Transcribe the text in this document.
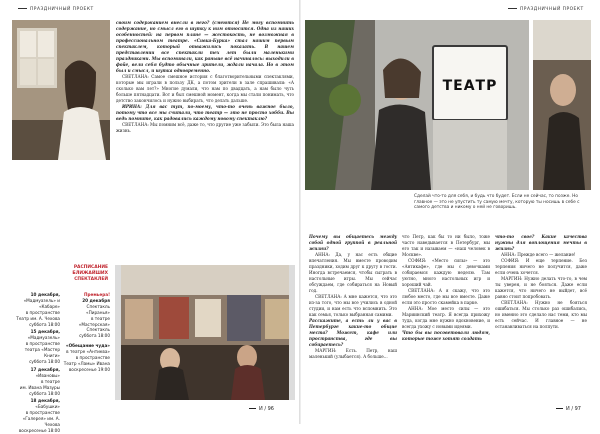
ПРАЗДНИЧНЫЙ ПРОЕКТ

своим содержанием внесли в него? (смеются) Не могу вспомнить содержание, но смысл его в шутку к ним относится. Одна из наших особенностей: на первом плане — жестокость, не возможная в профессиональном театре. «Сивка-Бурка» стал нашим первым спектаклем, который отважились показать. В нашем представлении все спектакли тех лет были маленькими праздниками. Мы вспоминали, как раньше всё начиналось: выходили в фойе, вели себя будто обычные зрители, ждали начала. Но в этом был и смысл, и шутка одновременно.

СВЕТЛАНА: Самое смешное история с благотворительными спектаклями, которые мы играли в пользу ДК, а потом зрители в зале спрашивали: «А сколько вам лет?» Многие думали, что нам по двадцать, а нам было чуть больше пятнадцати. Вот и был смешной момент, когда мы стали понимать, что детство закончилось и нужно выбирать, что делать дальше.

ИРИНА: Для вас тут, по-моему, что-то очень важное было, потому что все мы считали, что театр — это не просто хобби. Вы ведь помните, как радовались каждому новому спектаклю?

СВЕТЛАНА: Мы помним всё, даже то, что другие уже забыли. Это была наша жизнь.

РАСПИСАНИЕ БЛИЖАЙШИХ СПЕКТАКЛЕЙ
10 декабря,
«Мадмуазель» и
«Кабаре»
в пространстве
Театр им. А. Чехова
суббота 18:00
15 декабря,
«Мадмуазель»
в пространстве
театра «Мастер Книги»
суббота 18:00
17 декабря,
«Ивановы»
в театре
им. Ивана Мазуры
суббота 18:00
18 декабря,
«Бабушки»
в пространстве
«Галерея» им. А. Чехова
воскресенье 18:00
Премьера!
20 декабря
Спектакль «Пиранья»
в театре «Мастерская»
Спектакль
суббота 18:00
«Обещание чуда»
в театре «Антиква»
в пространстве
Театр «Ламы» Ивана
воскресенье 19:00
И / 96
ПРАЗДНИЧНЫЙ ПРОЕКТ
ТЕАТР
Сделай что-то для себя, и будь что будет. Если не сейчас, то позже. Но главное — это не упустить ту самую мечту, которую ты носишь в себе с самого детства и никому о ней не говоришь.

Почему вы общаетесь между собой одной группой в реальной жизни?

АННА: Да, у нас есть общие впечатления. Мы вместе проводим праздники, ходим друг к другу в гости. Иногда встречаемся, чтобы сыграть в настольные игры. Мы сейчас обсуждаем, где собираться на Новый год.

СВЕТЛАНА: А мне кажется, что это из-за того, что мы все учились в одной студии, и нам есть что вспомнить. Это как семья, только выбранная самими.

Расскажите, а есть ли у вас в Петербурге какие-то общие места? Может, кафе или пространства, где вы собираетесь?

МАРГИН: Есть. Петр, наш маленький (улыбается). А больше...

что Петр, как бы то ни было, тоже часто наведывается в Петербург, мы его так и называем — «наш человек в Москве».

СОФИЯ: «Место силы» — это «Антикафе», где мы с девочками собираемся каждую неделю. Там уютно, много настольных игр и хороший чай.

СВЕТЛАНА: А я скажу, что это любое место, где мы все вместе. Даже если это просто скамейка в парке.

АННА: Мое место силы — это Мариинский театр. Я всегда прихожу туда, когда мне нужно вдохновение, и всегда ухожу с новыми идеями.

Что бы вы посоветовали людям, которые тоже хотят создать

что-то свое? Какие качества нужны для воплощения мечты в жизнь?

АННА: Прежде всего — желание!

СОФИЯ: И еще терпение. Без терпения ничего не получится, даже если очень хочется.

МАРГИН: Нужно делать что-то, в чем ты уверен, и не бояться. Даже если кажется, что ничего не выйдет, всё равно стоит попробовать.

СВЕТЛАНА: Нужно не бояться ошибаться. Мы столько раз ошибались, но именно это сделало нас теми, кто мы есть сейчас. И главное — не останавливаться на полпути.

И / 97
